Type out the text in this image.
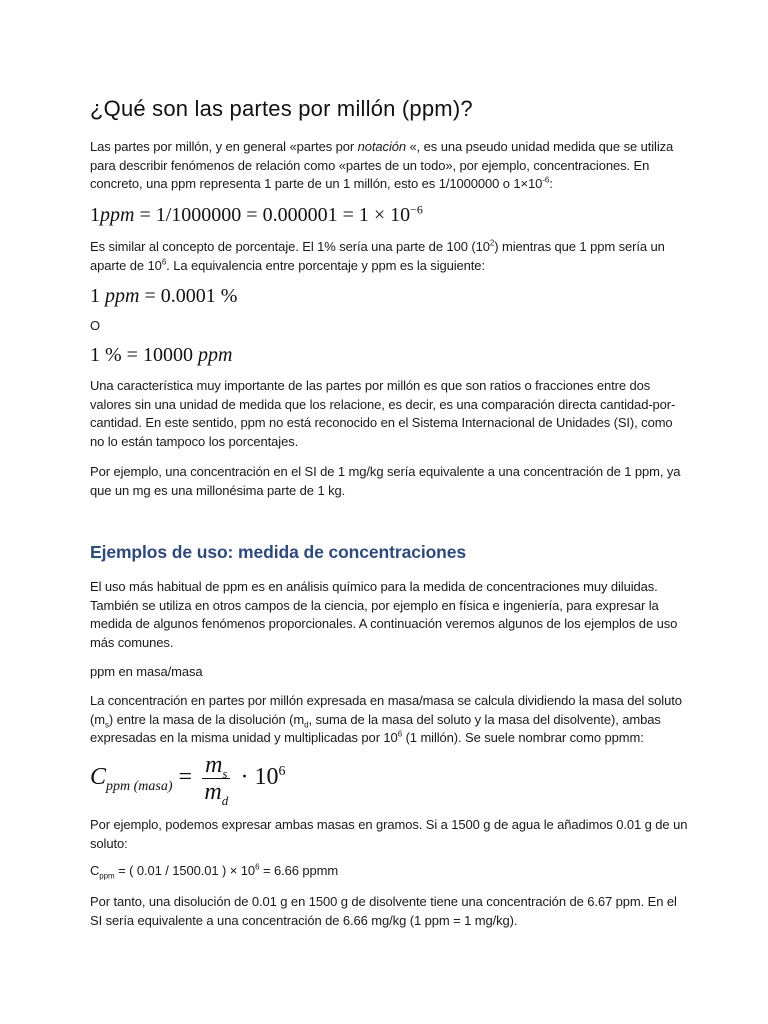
¿Qué son las partes por millón (ppm)?

Las partes por millón, y en general «partes por notación «, es una pseudo unidad medida que se utiliza para describir fenómenos de relación como «partes de un todo», por ejemplo, concentraciones. En concreto, una ppm representa 1 parte de un 1 millón, esto es 1/1000000 o $1\times 10^{-6}$:

$1ppm = 1/1000000 = 0.000001 = 1 \times 10^{-6}$

Es similar al concepto de porcentaje. El 1% sería una parte de 100 $(10^2)$ mientras que 1 ppm sería un aparte de $10^6$. La equivalencia entre porcentaje y ppm es la siguiente:

1 ppm = 0.0001 %

O

1 % = 10000 ppm

Una característica muy importante de las partes por millón es que son ratios o fracciones entre dos valores sin una unidad de medida que los relacione, es decir, es una comparación directa cantidad-por-cantidad. En este sentido, ppm no está reconocido en el Sistema Internacional de Unidades (SI), como no lo están tampoco los porcentajes.

Por ejemplo, una concentración en el SI de 1 mg/kg sería equivalente a una concentración de 1 ppm, ya que un mg es una millonésima parte de 1 kg.

Ejemplos de uso: medida de concentraciones

El uso más habitual de ppm es en análisis químico para la medida de concentraciones muy diluidas. También se utiliza en otros campos de la ciencia, por ejemplo en física e ingeniería, para expresar la medida de algunos fenómenos proporcionales. A continuación veremos algunos de los ejemplos de uso más comunes.

ppm en masa/masa

La concentración en partes por millón expresada en masa/masa se calcula dividiendo la masa del soluto $(m_s)$ entre la masa de la disolución ($m_d$, suma de la masa del soluto y la masa del disolvente), ambas expresadas en la misma unidad y multiplicadas por $10^6$ (1 millón). Se suele nombrar como ppmm:

$C_{ppm (masa)} = \frac{m_s}{m_d} \cdot 10^6$

Por ejemplo, podemos expresar ambas masas en gramos. Si a 1500 g de agua le añadimos 0.01 g de un soluto:

$C_{ppm}$ = ( 0.01 / 1500.01 ) × $10^6 = 6.66$ ppmm

Por tanto, una disolución de 0.01 g en 1500 g de disolvente tiene una concentración de 6.67 ppm. En el SI sería equivalente a una concentración de 6.66 mg/kg (1 ppm = 1 mg/kg).
